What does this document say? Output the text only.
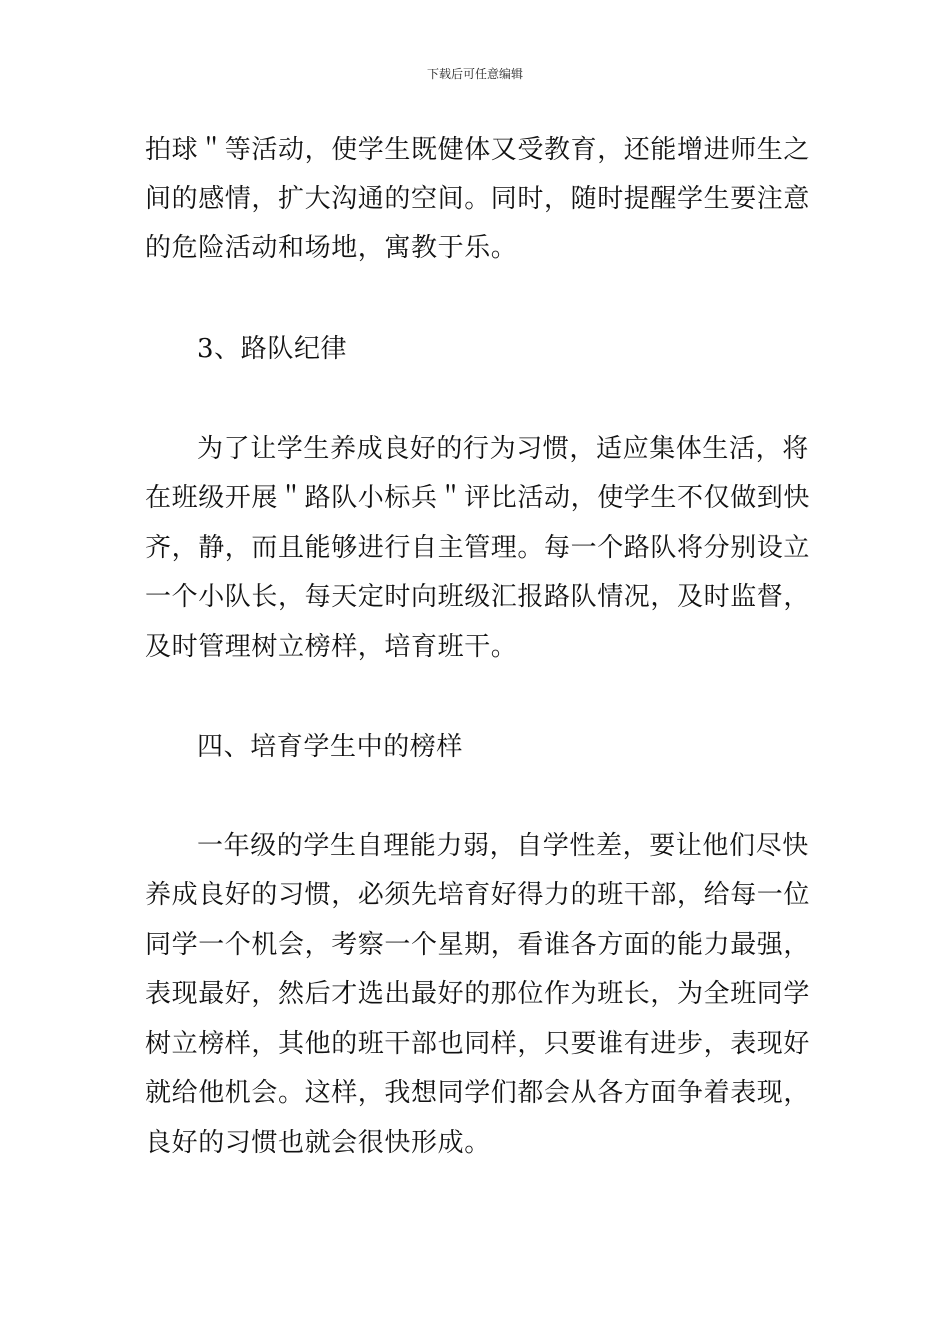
下载后可任意编辑
拍球＂等活动，使学生既健体又受教育，还能增进师生之
间的感情，扩大沟通的空间。同时，随时提醒学生要注意
的危险活动和场地，寓教于乐。
3、路队纪律
为了让学生养成良好的行为习惯，适应集体生活，将
在班级开展＂路队小标兵＂评比活动，使学生不仅做到快
齐，静，而且能够进行自主管理。每一个路队将分别设立
一个小队长，每天定时向班级汇报路队情况，及时监督，
及时管理树立榜样，培育班干。
四、培育学生中的榜样
一年级的学生自理能力弱，自学性差，要让他们尽快
养成良好的习惯，必须先培育好得力的班干部，给每一位
同学一个机会，考察一个星期，看谁各方面的能力最强，
表现最好，然后才选出最好的那位作为班长，为全班同学
树立榜样，其他的班干部也同样，只要谁有进步，表现好
就给他机会。这样，我想同学们都会从各方面争着表现，
良好的习惯也就会很快形成。
